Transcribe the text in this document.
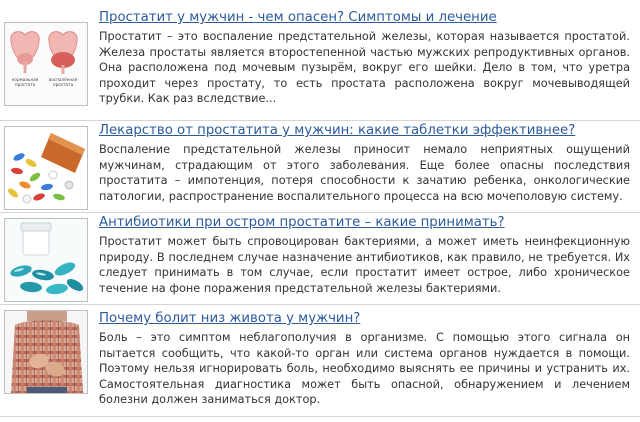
нормальная простата
воспалённая простата
Простатит у мужчин - чем опасен? Симптомы и лечение
Простатит – это воспаление предстательной железы, которая называется простатой. Железа простаты является второстепенной частью мужских репродуктивных органов. Она расположена под мочевым пузырём, вокруг его шейки. Дело в том, что уретра проходит через простату, то есть простата расположена вокруг мочевыводящей трубки. Как раз вследствие...
Лекарство от простатита у мужчин: какие таблетки эффективнее?
Воспаление предстательной железы приносит немало неприятных ощущений мужчинам, страдающим от этого заболевания. Еще более опасны последствия простатита – импотенция, потеря способности к зачатию ребенка, онкологические патологии, распространение воспалительного процесса на всю мочеполовую систему.
Антибиотики при остром простатите – какие принимать?
Простатит может быть спровоцирован бактериями, а может иметь неинфекционную природу. В последнем случае назначение антибиотиков, как правило, не требуется. Их следует принимать в том случае, если простатит имеет острое, либо хроническое течение на фоне поражения предстательной железы бактериями.
Почему болит низ живота у мужчин?
Боль – это симптом неблагополучия в организме. С помощью этого сигнала он пытается сообщить, что какой-то орган или система органов нуждается в помощи. Поэтому нельзя игнорировать боль, необходимо выяснять ее причины и устранить их. Самостоятельная диагностика может быть опасной, обнаружением и лечением болезни должен заниматься доктор.
